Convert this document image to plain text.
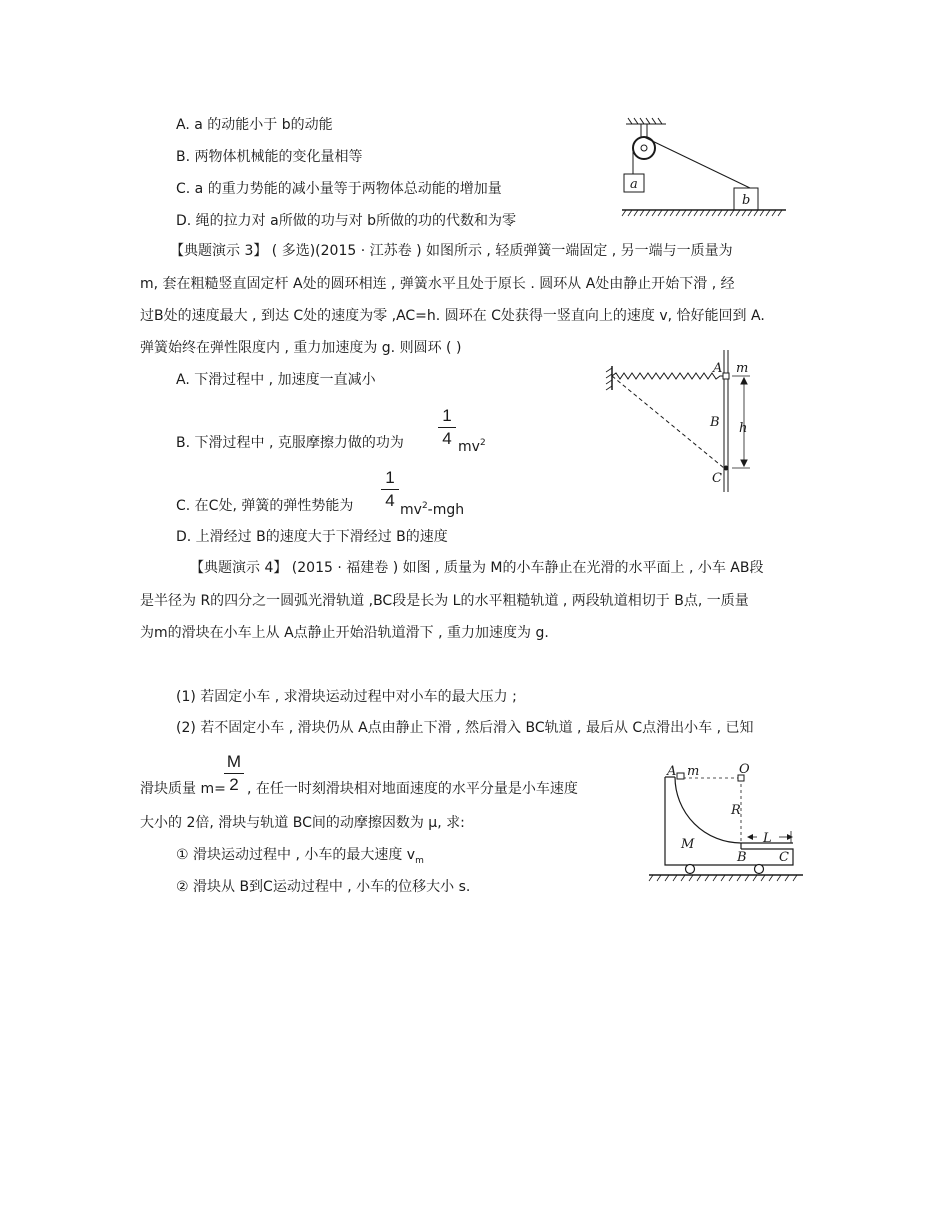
A. a 的动能小于 b的动能
B. 两物体机械能的变化量相等
C. a 的重力势能的减小量等于两物体总动能的增加量
D. 绳的拉力对 a所做的功与对 b所做的功的代数和为零
a
b
【典题演示 3】 ( 多选)(2015 · 江苏卷 ) 如图所示 , 轻质弹簧一端固定 , 另一端与一质量为
m, 套在粗糙竖直固定杆 A处的圆环相连 , 弹簧水平且处于原长 . 圆环从 A处由静止开始下滑 , 经
过B处的速度最大 , 到达 C处的速度为零 ,AC=h. 圆环在 C处获得一竖直向上的速度 v, 恰好能回到 A.
弹簧始终在弹性限度内 , 重力加速度为 g. 则圆环 ( )
A. 下滑过程中 , 加速度一直减小
B. 下滑过程中 , 克服摩擦力做的功为
1
4 $mv^2$
C. 在C处, 弹簧的弹性势能为
1
4 $mv^2$-mgh
D. 上滑经过 B的速度大于下滑经过 B的速度
A m
B h
C
【典题演示 4】 (2015 · 福建卷 ) 如图 , 质量为 M的小车静止在光滑的水平面上 , 小车 AB段
是半径为 R的四分之一圆弧光滑轨道 ,BC段是长为 L的水平粗糙轨道 , 两段轨道相切于 B点, 一质量
为m的滑块在小车上从 A点静止开始沿轨道滑下 , 重力加速度为 g.
(1) 若固定小车 , 求滑块运动过程中对小车的最大压力 ;
(2) 若不固定小车 , 滑块仍从 A点由静止下滑 , 然后滑入 BC轨道 , 最后从 C点滑出小车 , 已知
滑块质量 m=
M
2 , 在任一时刻滑块相对地面速度的水平分量是小车速度
大小的 2倍, 滑块与轨道 BC间的动摩擦因数为 μ, 求:
① 滑块运动过程中 , 小车的最大速度 $v_m$
② 滑块从 B到C运动过程中 , 小车的位移大小 s.
A m	O
R
L
M
B C
